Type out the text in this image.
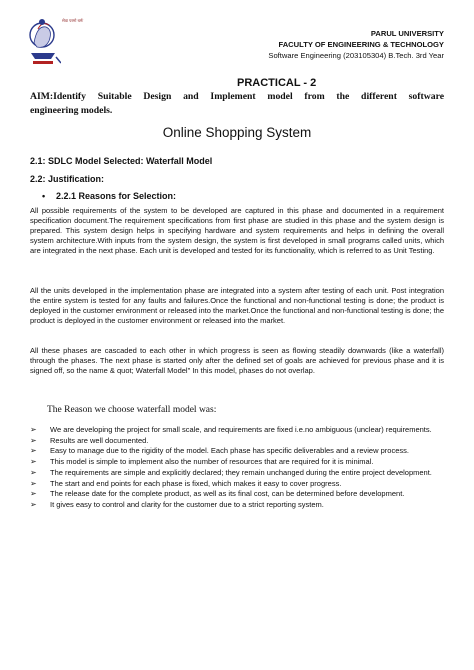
सेवा परमो धर्मः
PARUL UNIVERSITY
FACULTY OF ENGINEERING & TECHNOLOGY
Software Engineering (203105304) B.Tech. 3rd Year
PRACTICAL - 2
AIM:Identify Suitable Design and Implement model from the different software
engineering models.
Online Shopping System
2.1: SDLC Model Selected: Waterfall Model
2.2: Justification:
• 2.2.1 Reasons for Selection:

All possible requirements of the system to be developed are captured in this phase and documented in a requirement specification document.The requirement specifications from first phase are studied in this phase and the system design is prepared. This system design helps in specifying hardware and system requirements and helps in defining the overall system architecture.With inputs from the system design, the system is first developed in small programs called units, which are integrated in the next phase. Each unit is developed and tested for its functionality, which is referred to as Unit Testing.

All the units developed in the implementation phase are integrated into a system after testing of each unit. Post integration the entire system is tested for any faults and failures.Once the functional and non-functional testing is done; the product is deployed in the customer environment or released into the market.Once the functional and non-functional testing is done; the product is deployed in the customer environment or released into the market.

All these phases are cascaded to each other in which progress is seen as flowing steadily downwards (like a waterfall) through the phases. The next phase is started only after the defined set of goals are achieved for previous phase and it is signed off, so the name & quot; Waterfall Model" In this model, phases do not overlap.

The Reason we choose waterfall model was:
➢	We are developing the project for small scale, and requirements are fixed i.e.no ambiguous (unclear) requirements.
➢	Results are well documented.
➢	Easy to manage due to the rigidity of the model. Each phase has specific deliverables and a review process.
➢	This model is simple to implement also the number of resources that are required for it is minimal.
➢	The requirements are simple and explicitly declared; they remain unchanged during the entire project development.
➢	The start and end points for each phase is fixed, which makes it easy to cover progress.
➢	The release date for the complete product, as well as its final cost, can be determined before development.
➢	It gives easy to control and clarity for the customer due to a strict reporting system.
